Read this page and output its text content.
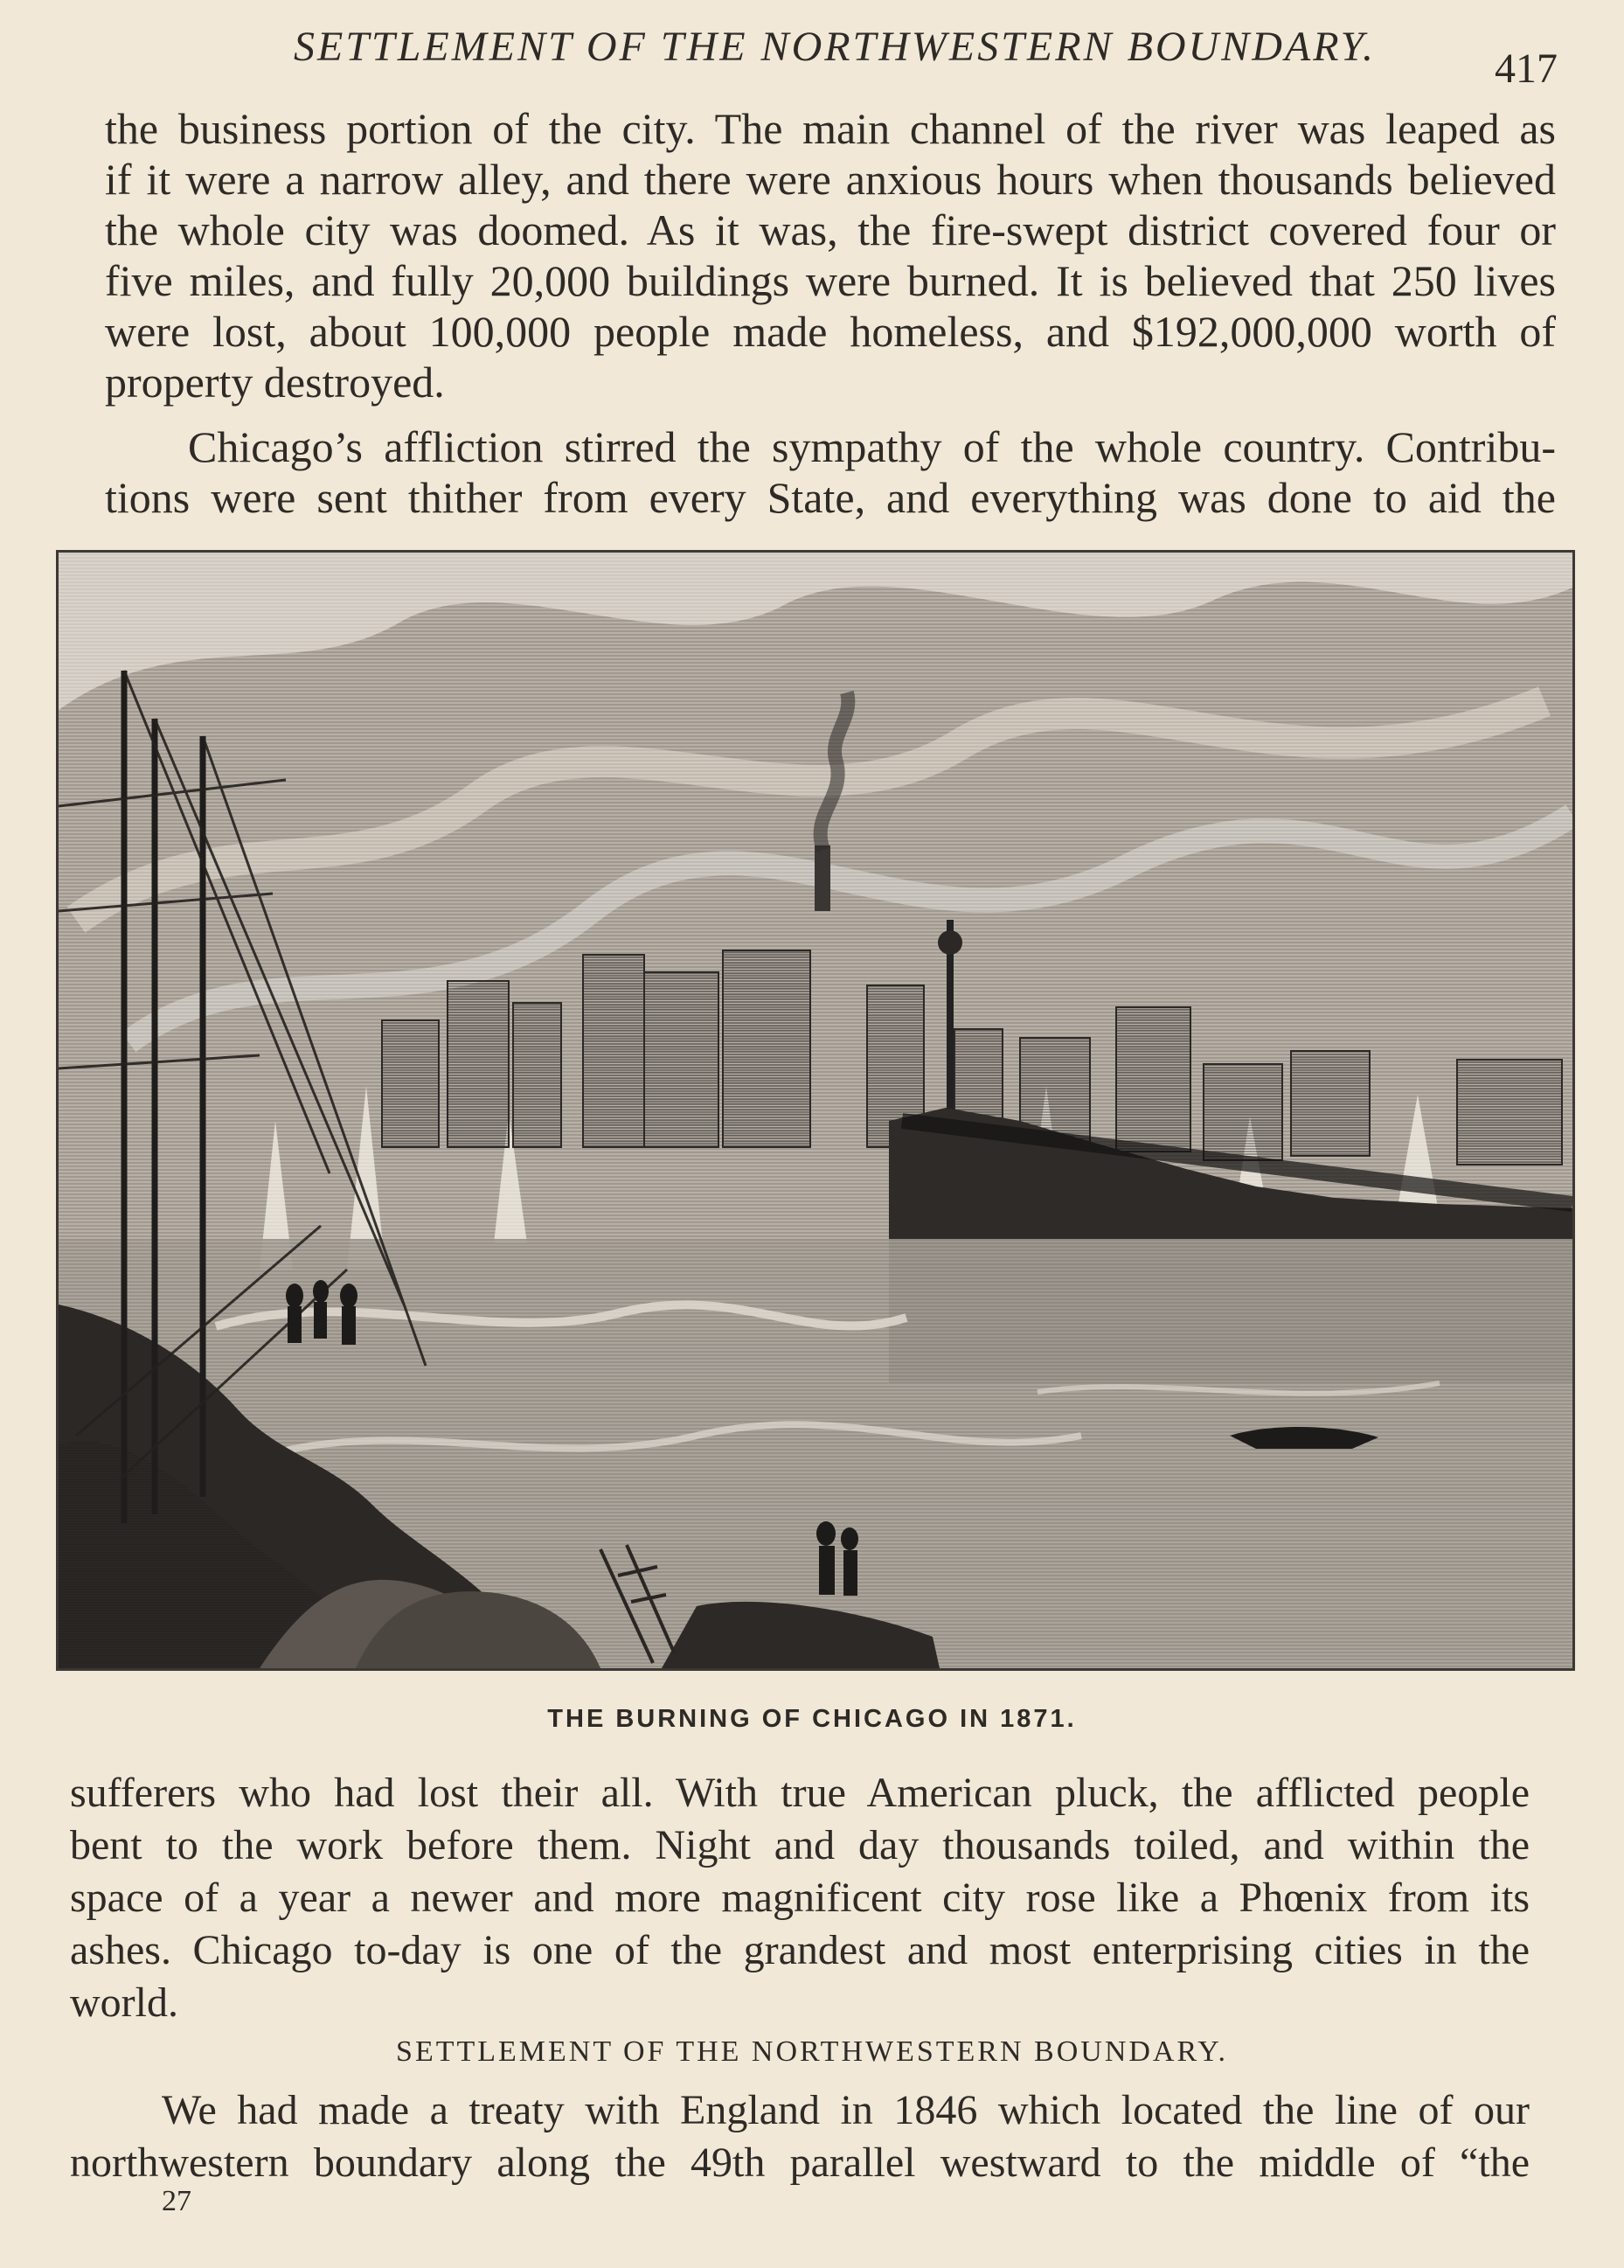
SETTLEMENT OF THE NORTHWESTERN BOUNDARY.	417
the business portion of the city. The main channel of the river was leaped as
if it were a narrow alley, and there were anxious hours when thousands believed
the whole city was doomed. As it was, the fire-swept district covered four or
five miles, and fully 20,000 buildings were burned. It is believed that 250 lives
were lost, about 100,000 people made homeless, and $192,000,000 worth of
property destroyed.
Chicago’s affliction stirred the sympathy of the whole country. Contribu-
tions were sent thither from every State, and everything was done to aid the
THE BURNING OF CHICAGO IN 1871.
sufferers who had lost their all. With true American pluck, the afflicted people
bent to the work before them. Night and day thousands toiled, and within the
space of a year a newer and more magnificent city rose like a Phœnix from its
ashes. Chicago to-day is one of the grandest and most enterprising cities in the
world.
SETTLEMENT OF THE NORTHWESTERN BOUNDARY.
We had made a treaty with England in 1846 which located the line of our
northwestern boundary along the 49th parallel westward to the middle of “the
27
